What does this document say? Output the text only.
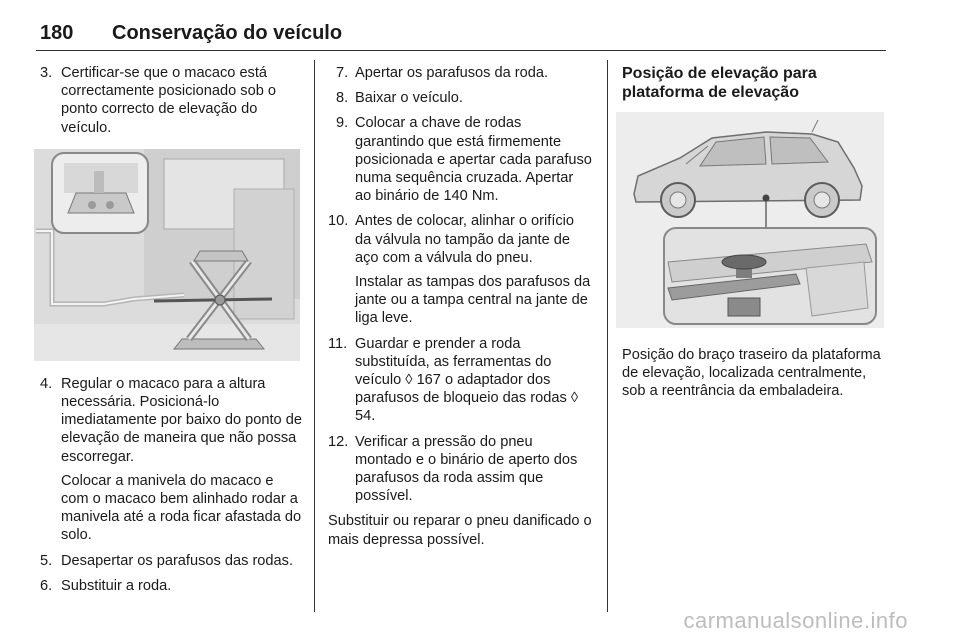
180 Conservação do veículo
3. Certificar-se que o macaco está correctamente posicionado sob o ponto correcto de elevação do veículo.
4. Regular o macaco para a altura necessária. Posicioná-lo imediatamente por baixo do ponto de elevação de maneira que não possa escorregar.
Colocar a manivela do macaco e com o macaco bem alinhado rodar a manivela até a roda ficar afastada do solo.
5. Desapertar os parafusos das rodas.
6. Substituir a roda.
7. Apertar os parafusos da roda.
8. Baixar o veículo.
9. Colocar a chave de rodas garantindo que está firmemente posicionada e apertar cada parafuso numa sequência cruzada. Apertar ao binário de 140 Nm.
10. Antes de colocar, alinhar o orifício da válvula no tampão da jante de aço com a válvula do pneu.
Instalar as tampas dos parafusos da jante ou a tampa central na jante de liga leve.
11. Guardar e prender a roda substituída, as ferramentas do veículo ◊ 167 o adaptador dos parafusos de bloqueio das rodas ◊ 54.
12. Verificar a pressão do pneu montado e o binário de aperto dos parafusos da roda assim que possível.

Substituir ou reparar o pneu danificado o mais depressa possível.

Posição de elevação para plataforma de elevação

Posição do braço traseiro da plataforma de elevação, localizada centralmente, sob a reentrância da embaladeira.

carmanualsonline.info
